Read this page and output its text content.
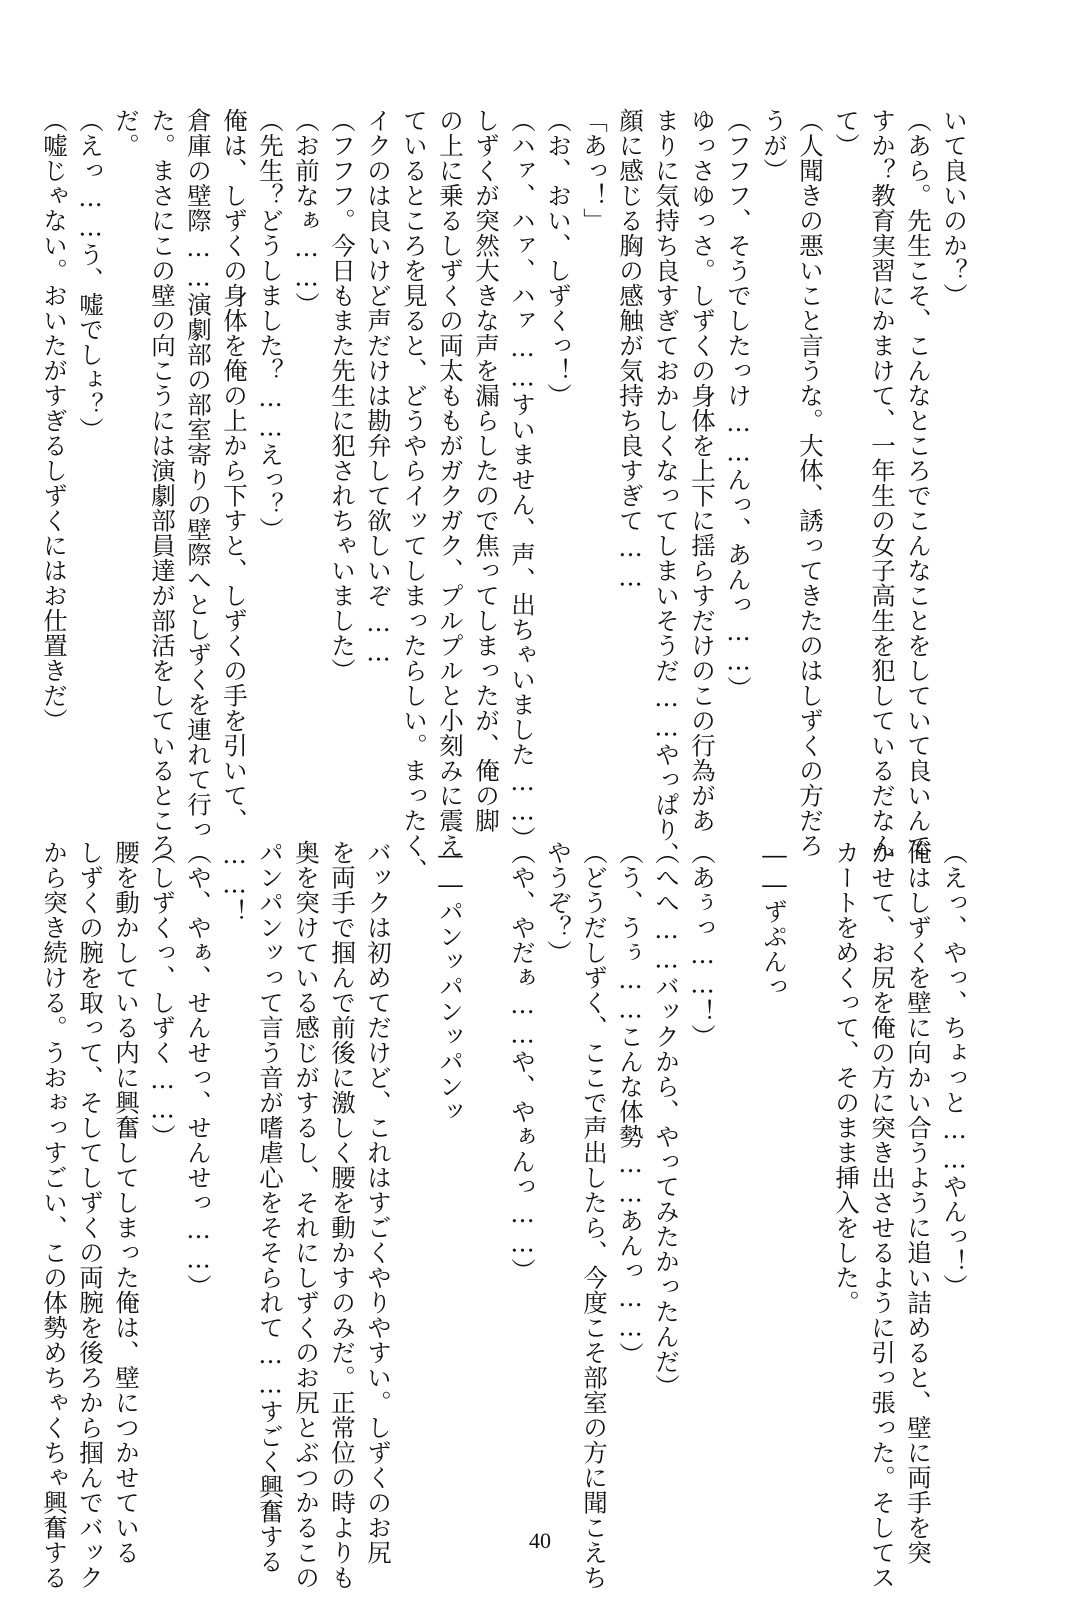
いて良いのか？）
（あら。先生こそ、こんなところでこんなことをしていて良いんで
すか？教育実習にかまけて、一年生の女子高生を犯しているだなん
て）
（人聞きの悪いこと言うな。大体、誘ってきたのはしずくの方だろ
うが）
（フフフ、そうでしたっけ……んっ、あんっ……）
ゆっさゆっさ。しずくの身体を上下に揺らすだけのこの行為があ
まりに気持ち良すぎておかしくなってしまいそうだ……やっぱり、
顔に感じる胸の感触が気持ち良すぎて……
「あっ！」
（お、おい、しずくっ！）
（ハァ、ハァ、ハァ……すいません、声、出ちゃいました……）
しずくが突然大きな声を漏らしたので焦ってしまったが、俺の脚
の上に乗るしずくの両太ももがガクガク、プルプルと小刻みに震え
ているところを見ると、どうやらイッてしまったらしい。まったく、
イクのは良いけど声だけは勘弁して欲しいぞ……
（フフフ。今日もまた先生に犯されちゃいました）
（お前なぁ……）
（先生？どうしました？……えっ？）
俺は、しずくの身体を俺の上から下すと、しずくの手を引いて、
倉庫の壁際……演劇部の部室寄りの壁際へとしずくを連れて行っ
た。まさにこの壁の向こうには演劇部員達が部活をしているところ
だ。
（えっ……う、嘘でしょ？）
（嘘じゃない。おいたがすぎるしずくにはお仕置きだ）
（えっ、やっ、ちょっと……やんっ！）
俺はしずくを壁に向かい合うように追い詰めると、壁に両手を突
かせて、お尻を俺の方に突き出させるように引っ張った。そしてス
カートをめくって、そのまま挿入をした。
――ずぷんっ
（あぅっ……！）
（へへ……バックから、やってみたかったんだ）
（う、うぅ……こんな体勢……あんっ……）
（どうだしずく、ここで声出したら、今度こそ部室の方に聞こえち
やうぞ？）
（や、やだぁ……や、やぁんっ……）
――パンッパンッパンッ
バックは初めてだけど、これはすごくやりやすい。しずくのお尻
を両手で掴んで前後に激しく腰を動かすのみだ。正常位の時よりも
奥を突けている感じがするし、それにしずくのお尻とぶつかるこの
パンパンッって言う音が嗜虐心をそそられて……すごく興奮する
……！
（や、やぁ、せんせっ、せんせっ……）
（しずくっ、しずく……）
腰を動かしている内に興奮してしまった俺は、壁につかせている
しずくの腕を取って、そしてしずくの両腕を後ろから掴んでバック
から突き続ける。うおぉっすごい、この体勢めちゃくちゃ興奮する	40
